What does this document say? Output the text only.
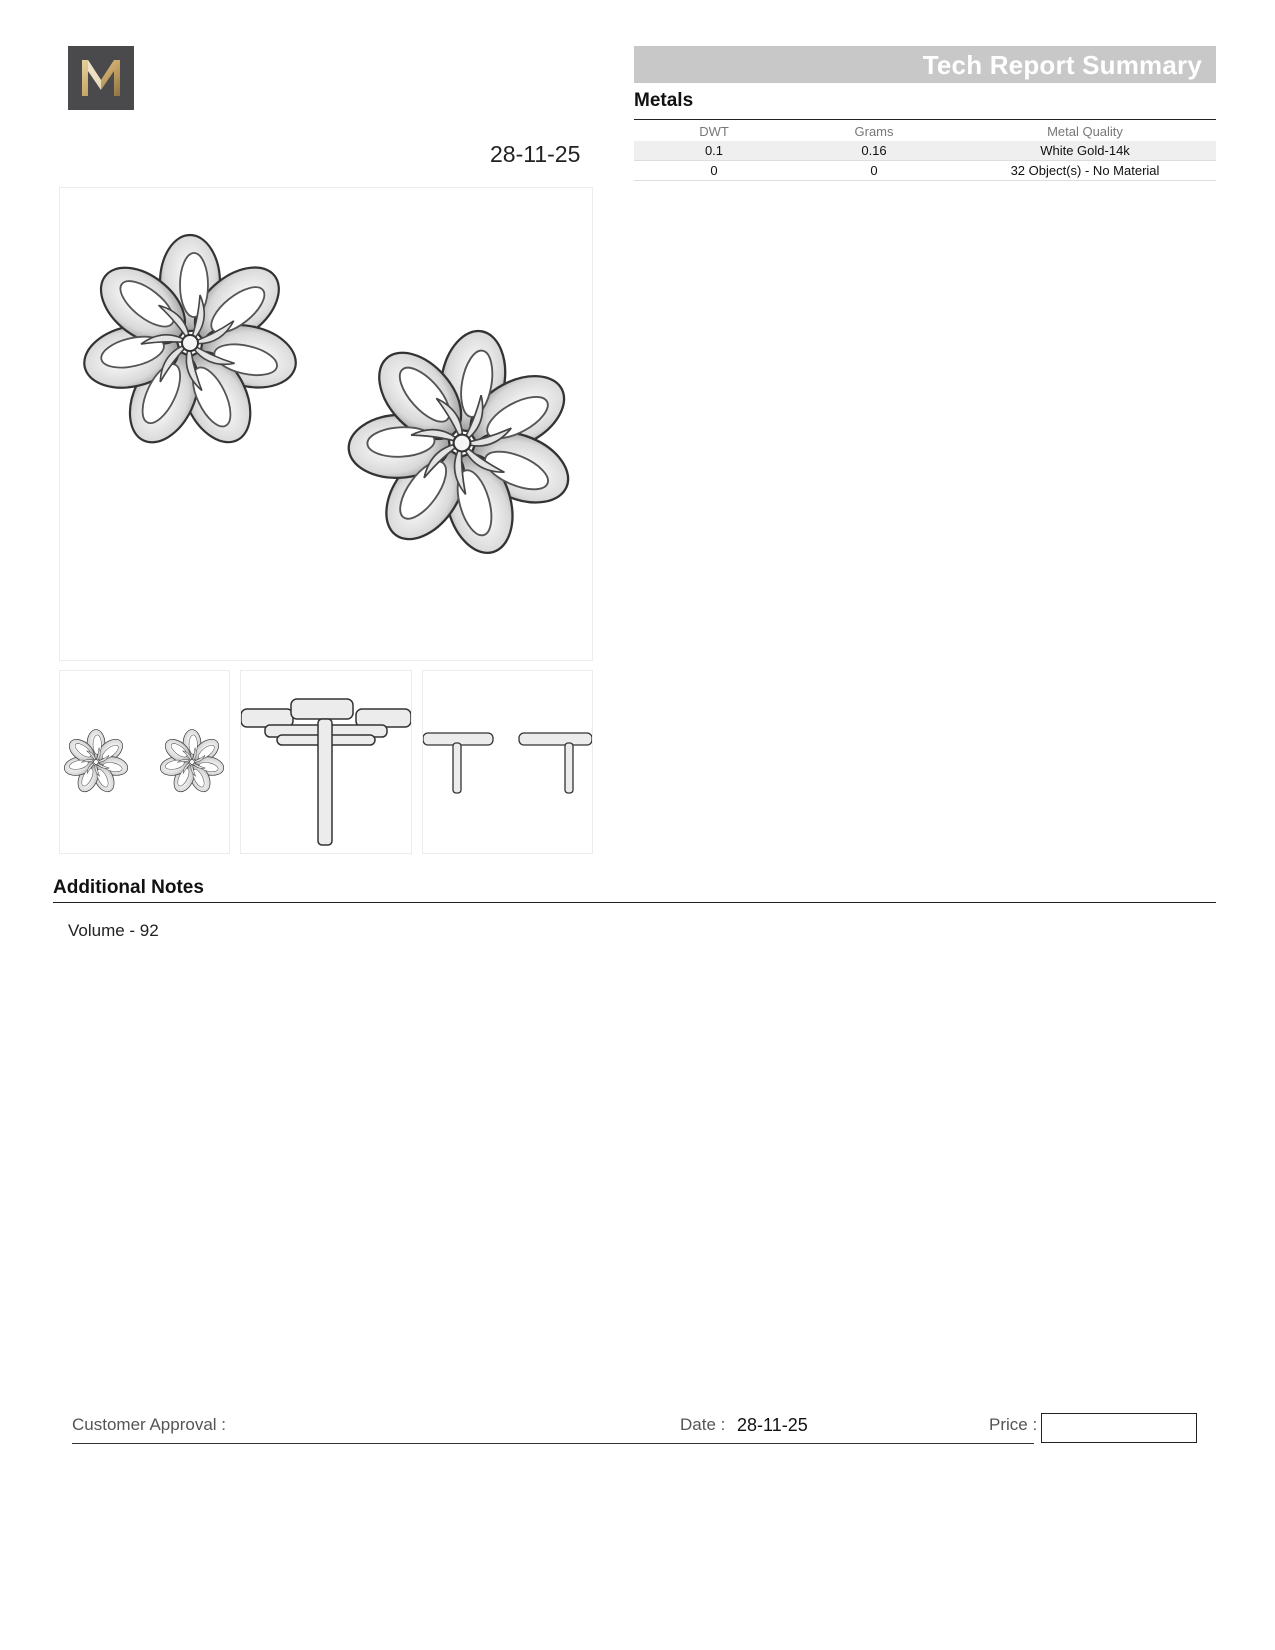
Tech Report Summary
Metals
DWT	Grams	Metal Quality
0.1	0.16	White Gold-14k
0	0	32 Object(s) - No Material
28-11-25
Additional Notes
Volume - 92
Customer Approval :	Date : 28-11-25	Price :
